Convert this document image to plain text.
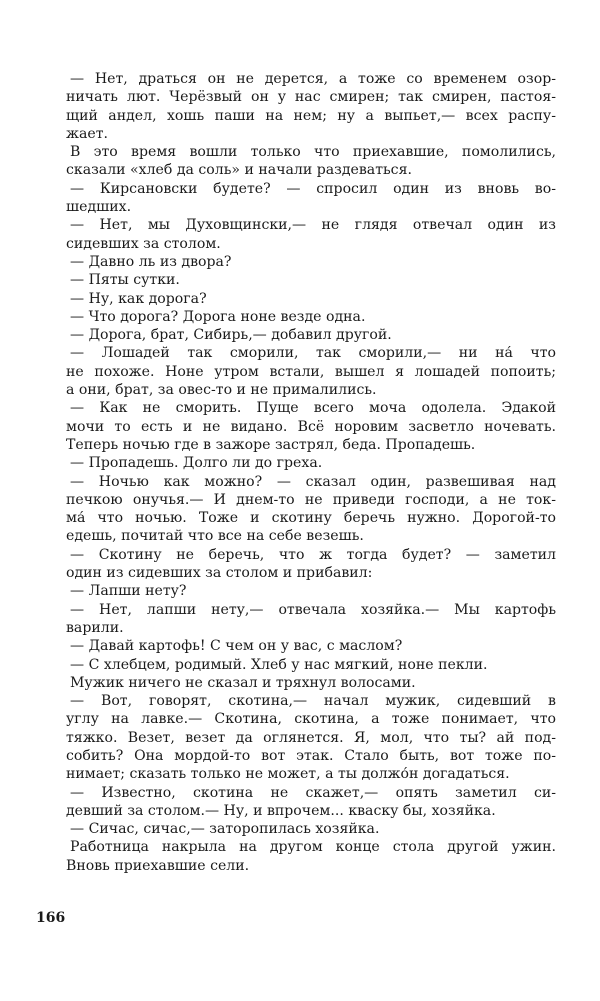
— Нет, драться он не дерется, а тоже со временем озор-
ничать лют. Черёзвый он у нас смирен; так смирен, пастоя-
щий андел, хошь паши на нем; ну а выпьет,— всех распу-
жает.
В это время вошли только что приехавшие, помолились,
сказали «хлеб да соль» и начали раздеваться.
— Кирсановски будете? — спросил один из вновь во-
шедших.
— Нет, мы Духовщински,— не глядя отвечал один из
сидевших за столом.
— Давно ль из двора?
— Пяты сутки.
— Ну, как дорога?
— Что дорога? Дорога ноне везде одна.
— Дорога, брат, Сибирь,— добавил другой.
— Лошадей так сморили, так сморили,— ни на́ что
не похоже. Ноне утром встали, вышел я лошадей попоить;
а они, брат, за овес-то и не прималились.
— Как не сморить. Пуще всего моча одолела. Эдакой
мочи то есть и не видано. Всё норовим засветло ночевать.
Теперь ночью где в зажоре застрял, беда. Пропадешь.
— Пропадешь. Долго ли до греха.
— Ночью как можно? — сказал один, развешивая над
печкою онучья.— И днем-то не приведи господи, а не ток-
ма́ что ночью. Тоже и скотину беречь нужно. Дорогой-то
едешь, почитай что все на себе везешь.
— Скотину не беречь, что ж тогда будет? — заметил
один из сидевших за столом и прибавил:
— Лапши нету?
— Нет, лапши нету,— отвечала хозяйка.— Мы картофь
варили.
— Давай картофь! С чем он у вас, с маслом?
— С хлебцем, родимый. Хлеб у нас мягкий, ноне пекли.
Мужик ничего не сказал и тряхнул волосами.
— Вот, говорят, скотина,— начал мужик, сидевший в
углу на лавке.— Скотина, скотина, а тоже понимает, что
тяжко. Везет, везет да оглянется. Я, мол, что ты? ай под-
собить? Она мордой-то вот этак. Стало быть, вот тоже по-
нимает; сказать только не может, а ты должо́н догадаться.
— Известно, скотина не скажет,— опять заметил си-
девший за столом.— Ну, и впрочем... кваску бы, хозяйка.
— Сичас, сичас,— заторопилась хозяйка.
Работница накрыла на другом конце стола другой ужин.
Вновь приехавшие сели.
166
